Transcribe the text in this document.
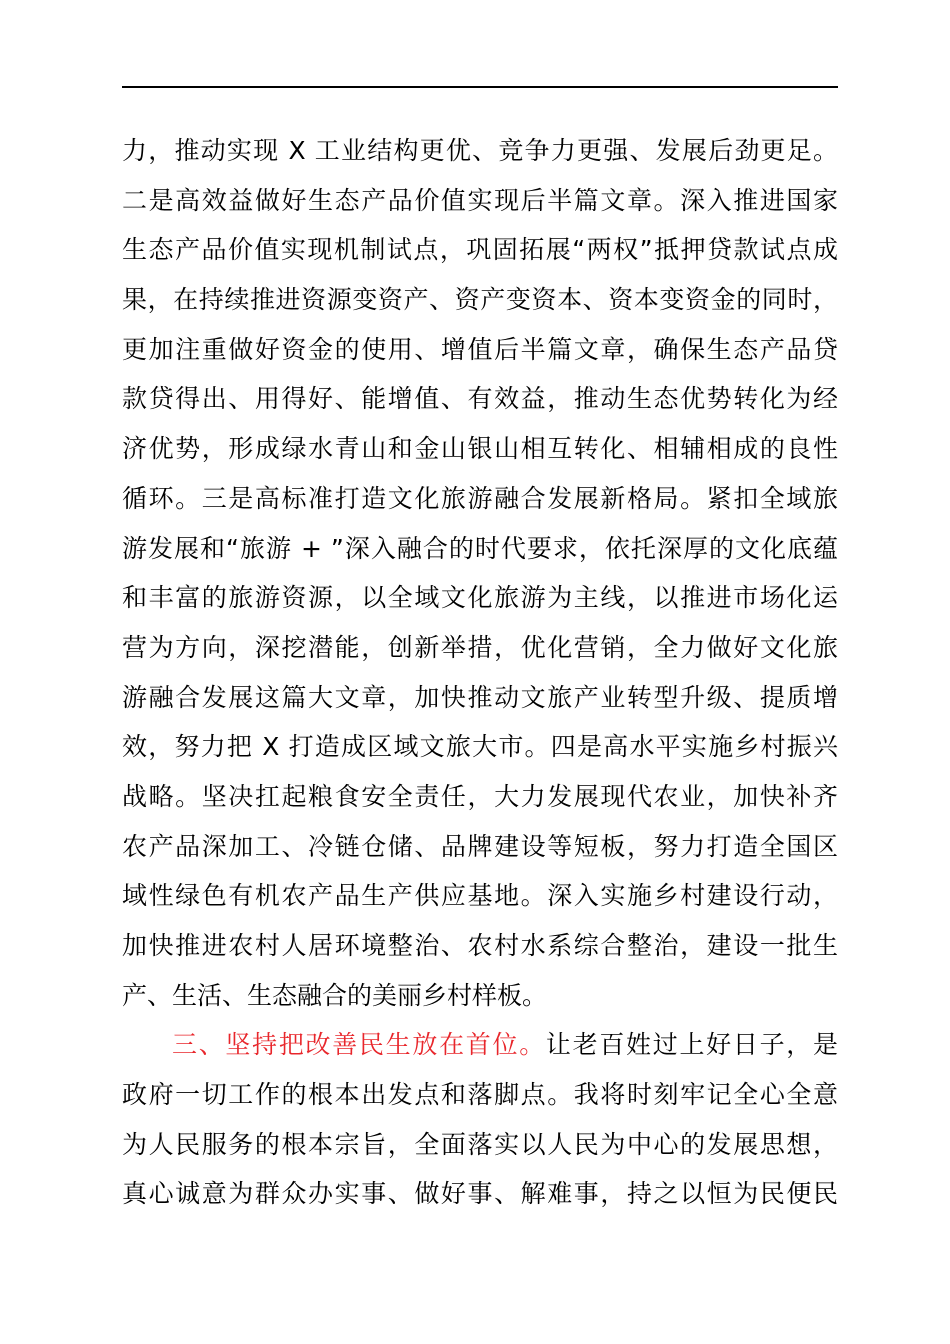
力，推动实现 X 工业结构更优、竞争力更强、发展后劲更足。
二是高效益做好生态产品价值实现后半篇文章。深入推进国家
生态产品价值实现机制试点，巩固拓展“两权”抵押贷款试点成
果，在持续推进资源变资产、资产变资本、资本变资金的同时，
更加注重做好资金的使用、增值后半篇文章，确保生态产品贷
款贷得出、用得好、能增值、有效益，推动生态优势转化为经
济优势，形成绿水青山和金山银山相互转化、相辅相成的良性
循环。三是高标准打造文化旅游融合发展新格局。紧扣全域旅
游发展和“旅游 + ”深入融合的时代要求，依托深厚的文化底蕴
和丰富的旅游资源，以全域文化旅游为主线，以推进市场化运
营为方向，深挖潜能，创新举措，优化营销，全力做好文化旅
游融合发展这篇大文章，加快推动文旅产业转型升级、提质增
效，努力把 X 打造成区域文旅大市。四是高水平实施乡村振兴
战略。坚决扛起粮食安全责任，大力发展现代农业，加快补齐
农产品深加工、冷链仓储、品牌建设等短板，努力打造全国区
域性绿色有机农产品生产供应基地。深入实施乡村建设行动，
加快推进农村人居环境整治、农村水系综合整治，建设一批生
产、生活、生态融合的美丽乡村样板。
三、坚持把改善民生放在首位。让老百姓过上好日子，是
政府一切工作的根本出发点和落脚点。我将时刻牢记全心全意
为人民服务的根本宗旨，全面落实以人民为中心的发展思想，
真心诚意为群众办实事、做好事、解难事，持之以恒为民便民
